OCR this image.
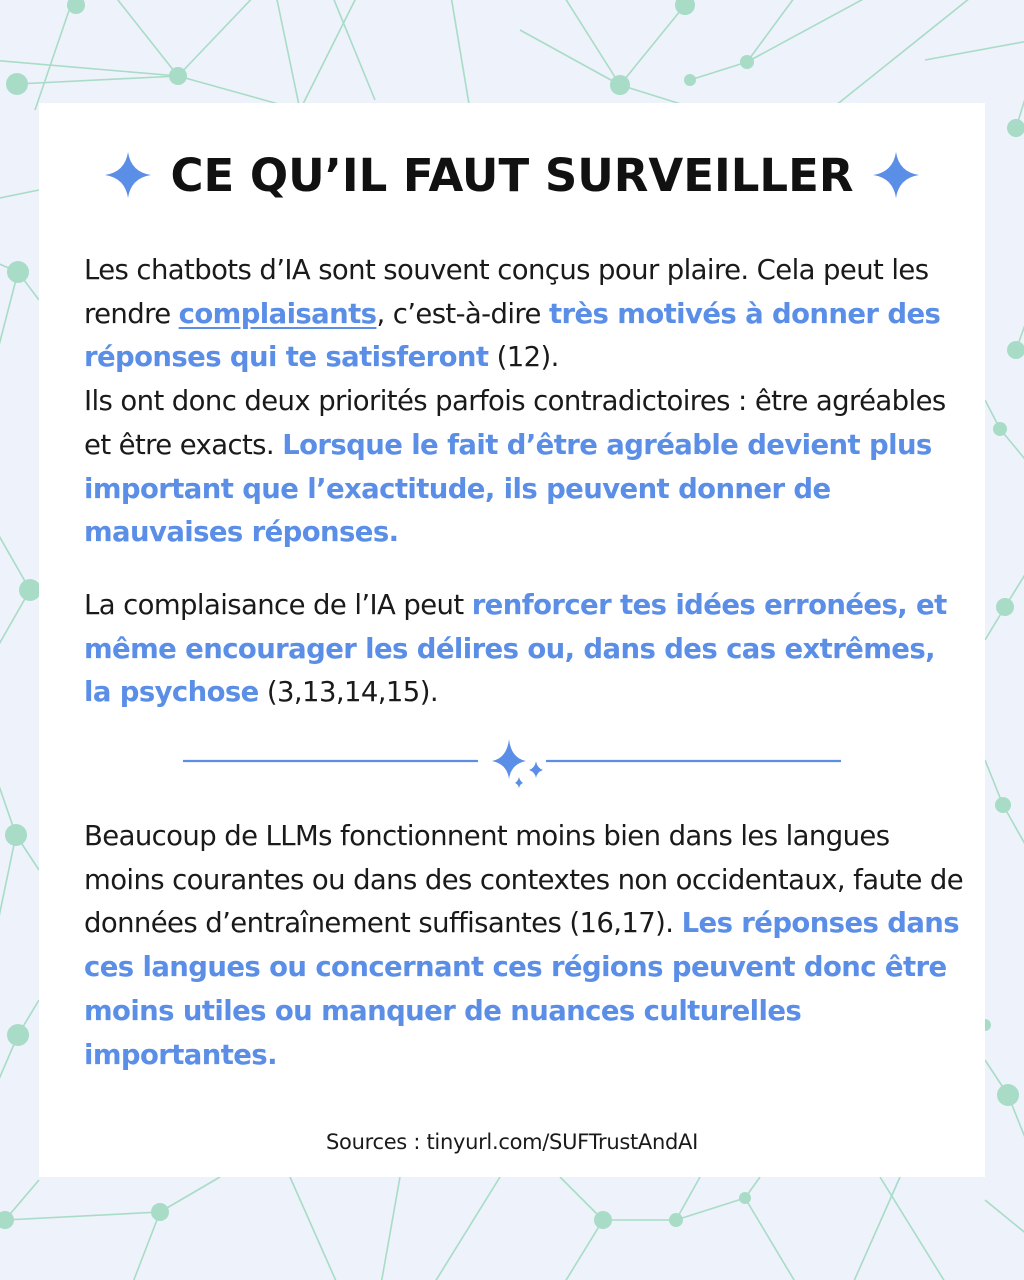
CE QU’IL FAUT SURVEILLER
Les chatbots d’IA sont souvent conçus pour plaire. Cela peut les rendre complaisants, c’est-à-dire très motivés à donner des réponses qui te satisferont (12).
Ils ont donc deux priorités parfois contradictoires : être agréables et être exacts. Lorsque le fait d’être agréable devient plus important que l’exactitude, ils peuvent donner de mauvaises réponses.
La complaisance de l’IA peut renforcer tes idées erronées, et même encourager les délires ou, dans des cas extrêmes, la psychose (3,13,14,15).
Beaucoup de LLMs fonctionnent moins bien dans les langues moins courantes ou dans des contextes non occidentaux, faute de données d’entraînement suffisantes (16,17). Les réponses dans ces langues ou concernant ces régions peuvent donc être moins utiles ou manquer de nuances culturelles importantes.
Sources : tinyurl.com/SUFTrustAndAI
